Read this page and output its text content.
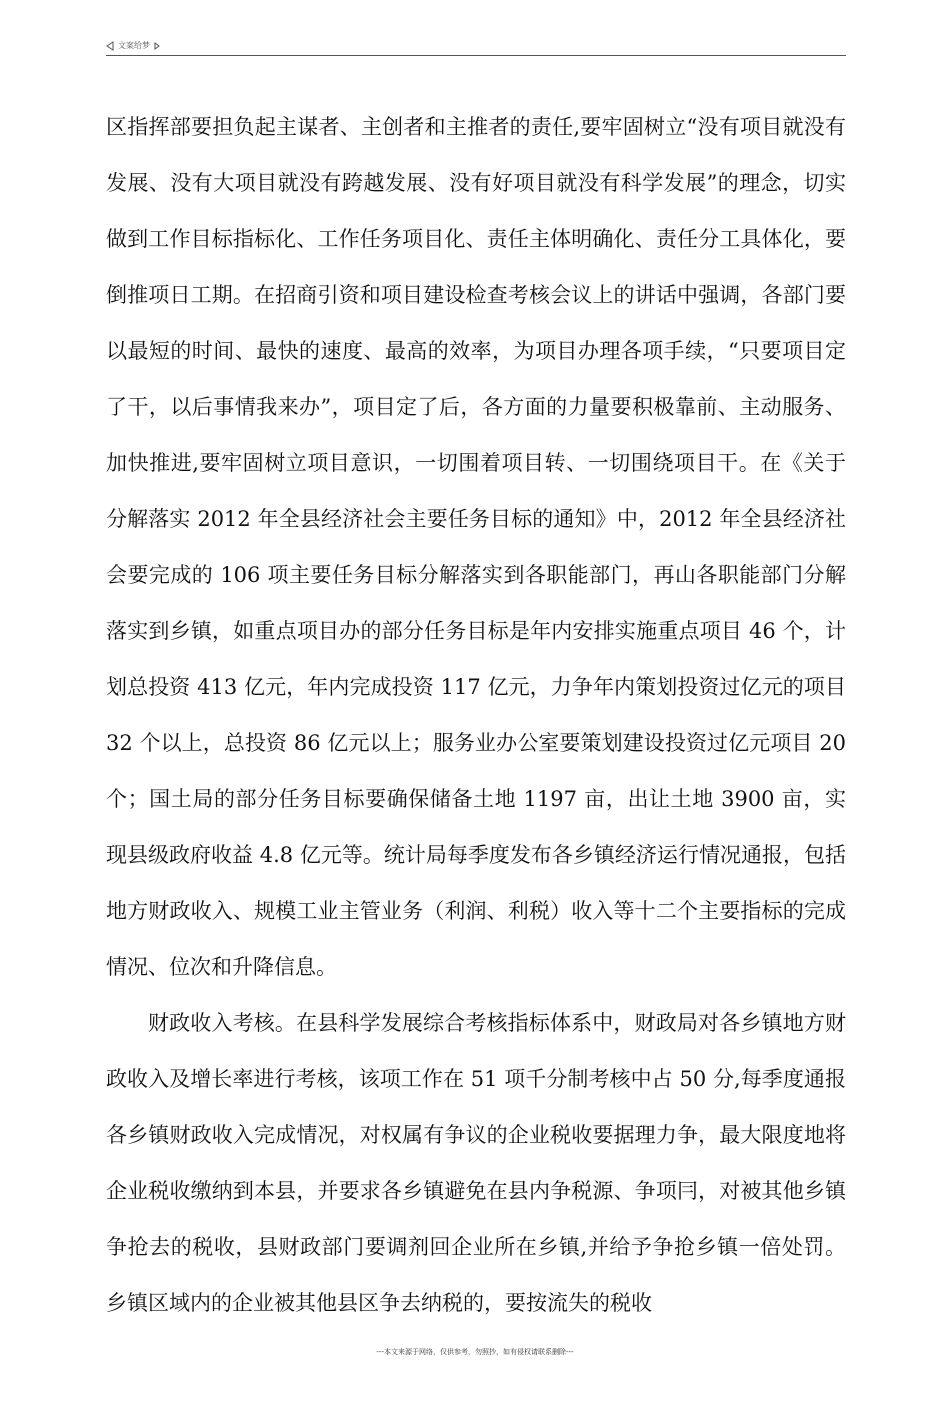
文案给梦

区指挥部要担负起主谋者、主创者和主推者的责任,要牢固树立“没有项目就没有发展、没有大项目就没有跨越发展、没有好项目就没有科学发展”的理念，切实做到工作目标指标化、工作任务项目化、责任主体明确化、责任分工具体化，要倒推项日工期。在招商引资和项目建设检查考核会议上的讲话中强调，各部门要以最短的时间、最快的速度、最高的效率，为项目办理各项手续，“只要项目定了干，以后事情我来办”，项目定了后，各方面的力量要积极靠前、主动服务、加快推进,要牢固树立项目意识，一切围着项目转、一切围绕项目干。在《关于分解落实 2012 年全县经济社会主要任务目标的通知》中，2012 年全县经济社会要完成的 106 项主要任务目标分解落实到各职能部门，再山各职能部门分解落实到乡镇，如重点项目办的部分任务目标是年内安排实施重点项目 46 个，计划总投资 413 亿元，年内完成投资 117 亿元，力争年内策划投资过亿元的项目 32 个以上，总投资 86 亿元以上；服务业办公室要策划建设投资过亿元项目 20 个；国土局的部分任务目标要确保储备土地 1197 亩，出让土地 3900 亩，实现县级政府收益 4.8 亿元等。统计局每季度发布各乡镇经济运行情况通报，包括地方财政收入、规模工业主管业务（利润、利税）收入等十二个主要指标的完成情况、位次和升降信息。

财政收入考核。在县科学发展综合考核指标体系中，财政局对各乡镇地方财政收入及增长率进行考核，该项工作在 51 项千分制考核中占 50 分,每季度通报各乡镇财政收入完成情况，对权属有争议的企业税收要据理力争，最大限度地将企业税收缴纳到本县，并要求各乡镇避免在县内争税源、争项冃，对被其他乡镇争抢去的税收，县财政部门要调剂回企业所在乡镇,并给予争抢乡镇一倍处罚。乡镇区域内的企业被其他县区争去纳税的，要按流失的税收

---本文来源于网络，仅供参考，勿照抄，如有侵权请联系删除---
